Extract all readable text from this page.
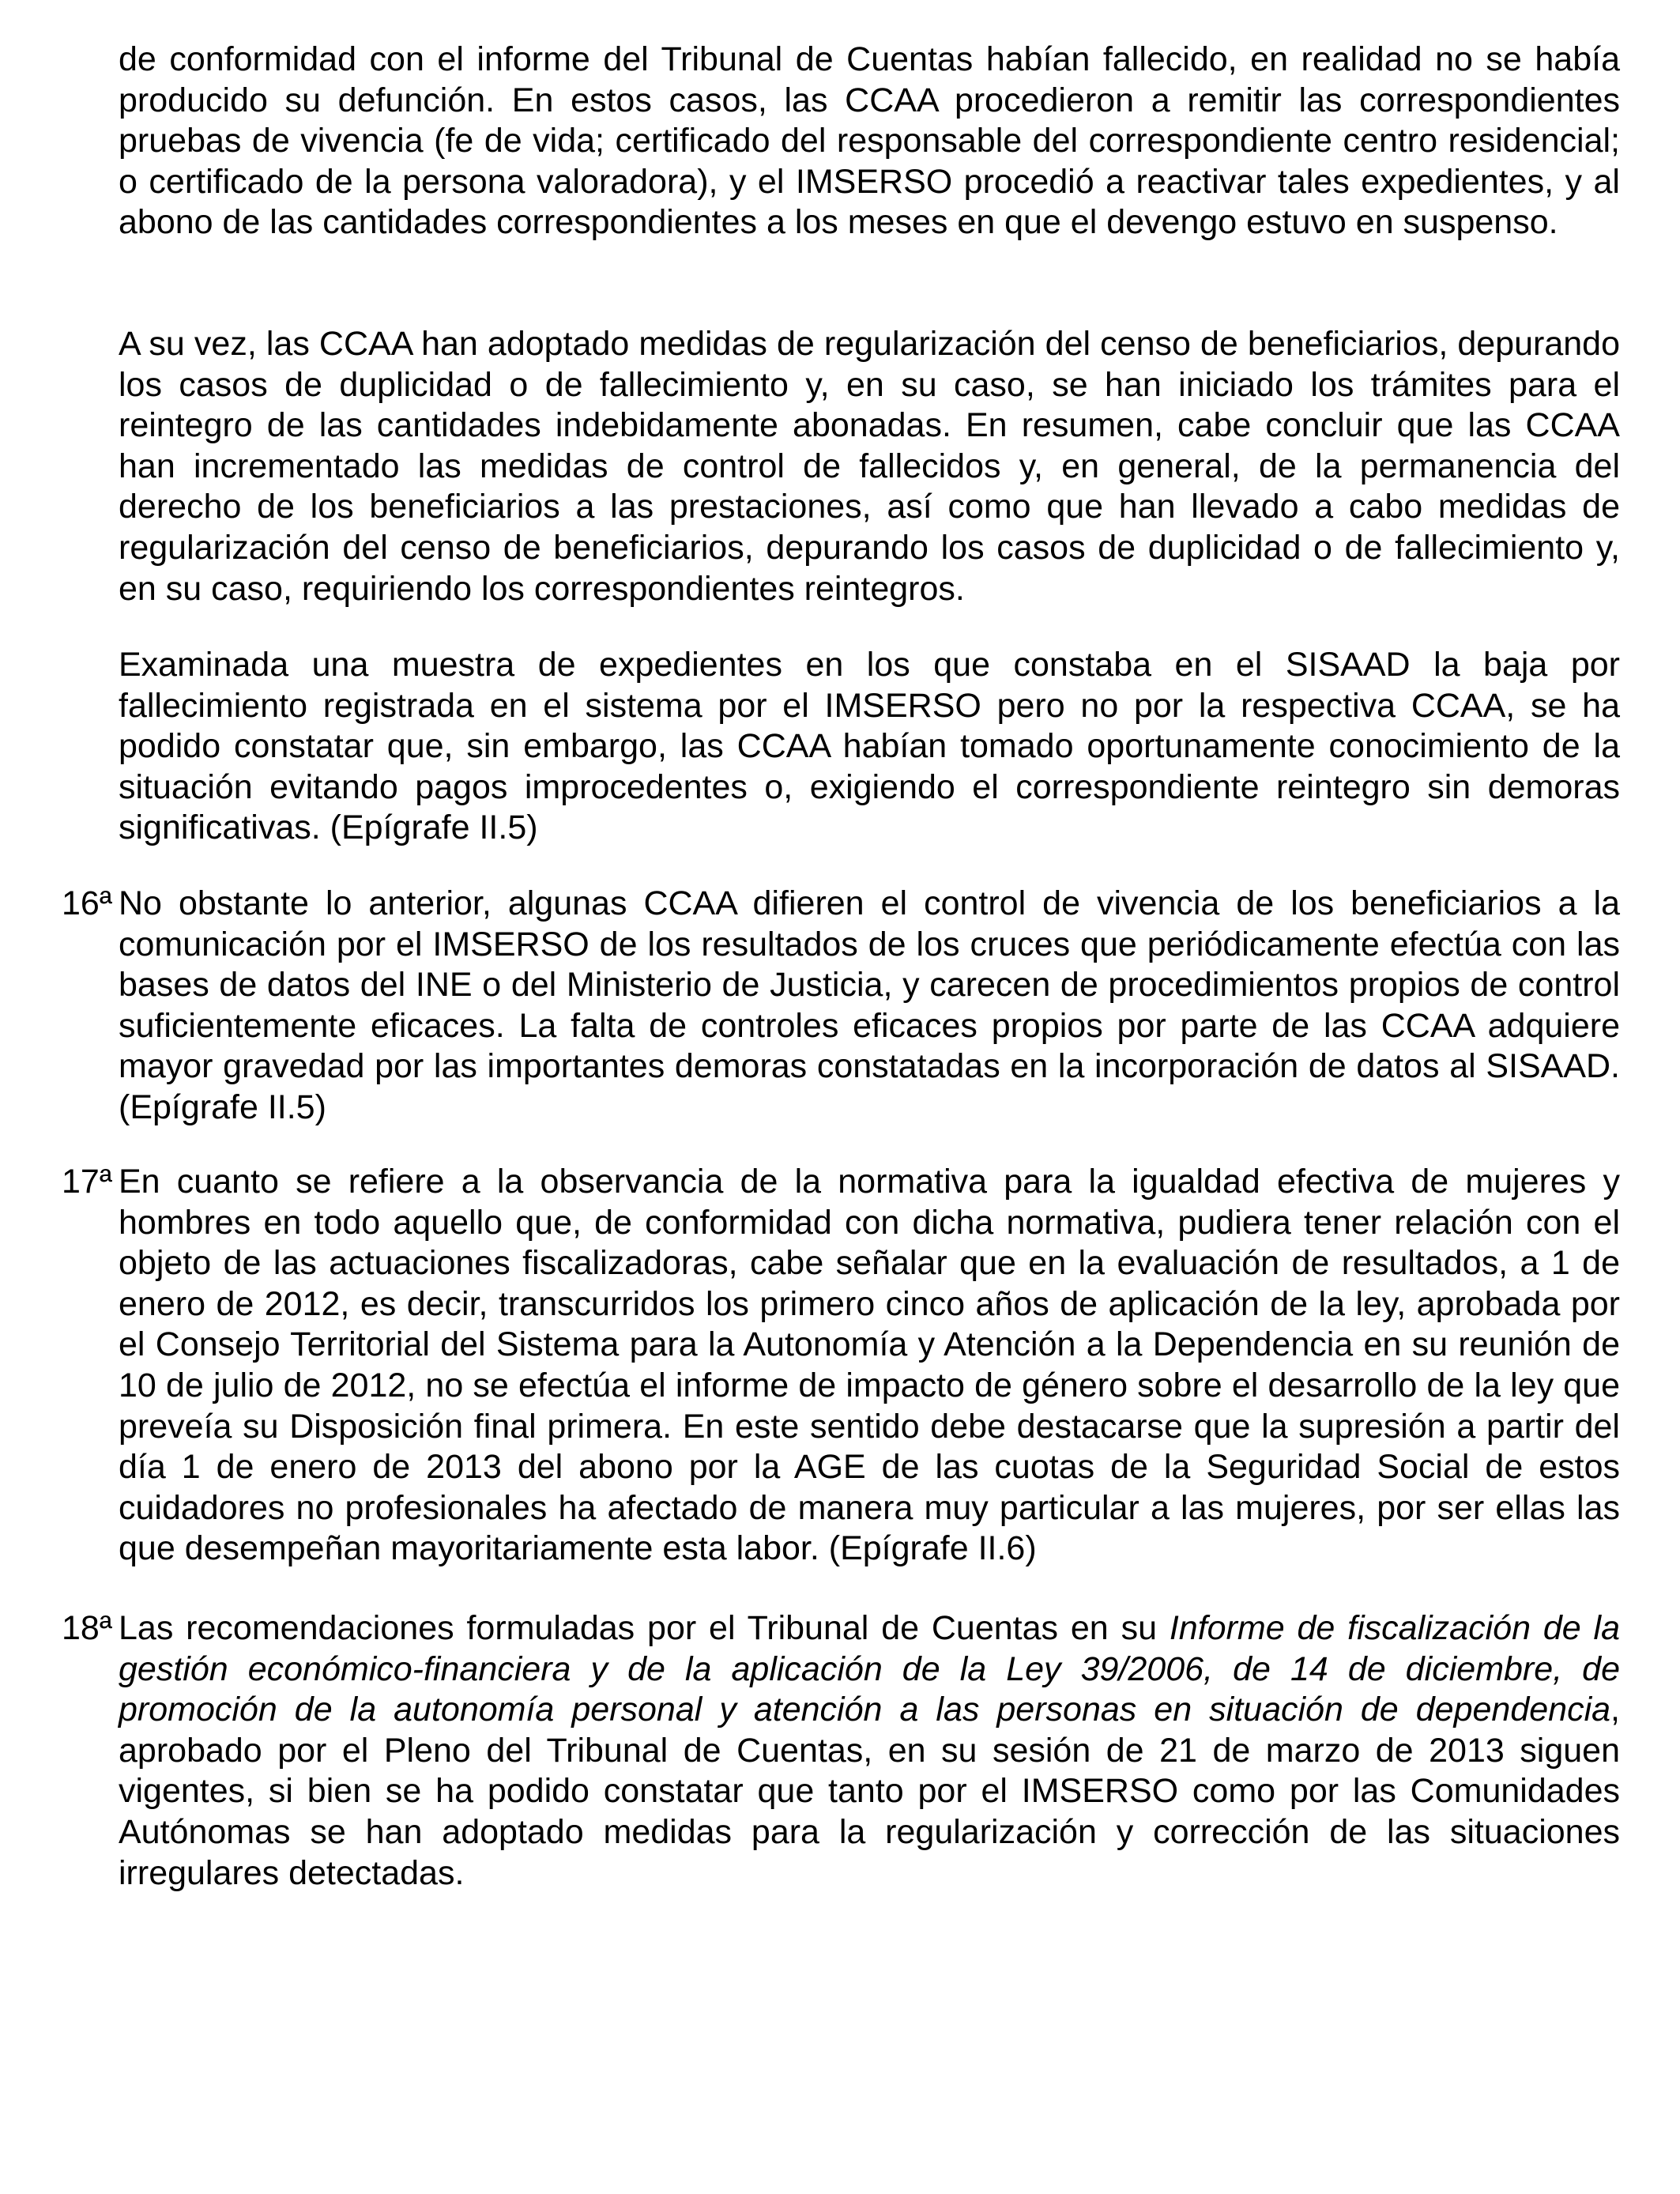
de conformidad con el informe del Tribunal de Cuentas habían fallecido, en realidad no se había producido su defunción. En estos casos, las CCAA procedieron a remitir las correspondientes pruebas de vivencia (fe de vida; certificado del responsable del correspondiente centro residencial; o certificado de la persona valoradora), y el IMSERSO procedió a reactivar tales expedientes, y al abono de las cantidades correspondientes a los meses en que el devengo estuvo en suspenso.

A su vez, las CCAA han adoptado medidas de regularización del censo de beneficiarios, depurando los casos de duplicidad o de fallecimiento y, en su caso, se han iniciado los trámites para el reintegro de las cantidades indebidamente abonadas. En resumen, cabe concluir que las CCAA han incrementado las medidas de control de fallecidos y, en general, de la permanencia del derecho de los beneficiarios a las prestaciones, así como que han llevado a cabo medidas de regularización del censo de beneficiarios, depurando los casos de duplicidad o de fallecimiento y, en su caso, requiriendo los correspondientes reintegros.

Examinada una muestra de expedientes en los que constaba en el SISAAD la baja por fallecimiento registrada en el sistema por el IMSERSO pero no por la respectiva CCAA, se ha podido constatar que, sin embargo, las CCAA habían tomado oportunamente conocimiento de la situación evitando pagos improcedentes o, exigiendo el correspondiente reintegro sin demoras significativas. (Epígrafe II.5)

16ª No obstante lo anterior, algunas CCAA difieren el control de vivencia de los beneficiarios a la comunicación por el IMSERSO de los resultados de los cruces que periódicamente efectúa con las bases de datos del INE o del Ministerio de Justicia, y carecen de procedimientos propios de control suficientemente eficaces. La falta de controles eficaces propios por parte de las CCAA adquiere mayor gravedad por las importantes demoras constatadas en la incorporación de datos al SISAAD. (Epígrafe II.5)

17ª En cuanto se refiere a la observancia de la normativa para la igualdad efectiva de mujeres y hombres en todo aquello que, de conformidad con dicha normativa, pudiera tener relación con el objeto de las actuaciones fiscalizadoras, cabe señalar que en la evaluación de resultados, a 1 de enero de 2012, es decir, transcurridos los primero cinco años de aplicación de la ley, aprobada por el Consejo Territorial del Sistema para la Autonomía y Atención a la Dependencia en su reunión de 10 de julio de 2012, no se efectúa el informe de impacto de género sobre el desarrollo de la ley que preveía su Disposición final primera. En este sentido debe destacarse que la supresión a partir del día 1 de enero de 2013 del abono por la AGE de las cuotas de la Seguridad Social de estos cuidadores no profesionales ha afectado de manera muy particular a las mujeres, por ser ellas las que desempeñan mayoritariamente esta labor. (Epígrafe II.6)

18ª Las recomendaciones formuladas por el Tribunal de Cuentas en su Informe de fiscalización de la gestión económico-financiera y de la aplicación de la Ley 39/2006, de 14 de diciembre, de promoción de la autonomía personal y atención a las personas en situación de dependencia, aprobado por el Pleno del Tribunal de Cuentas, en su sesión de 21 de marzo de 2013 siguen vigentes, si bien se ha podido constatar que tanto por el IMSERSO como por las Comunidades Autónomas se han adoptado medidas para la regularización y corrección de las situaciones irregulares detectadas.
